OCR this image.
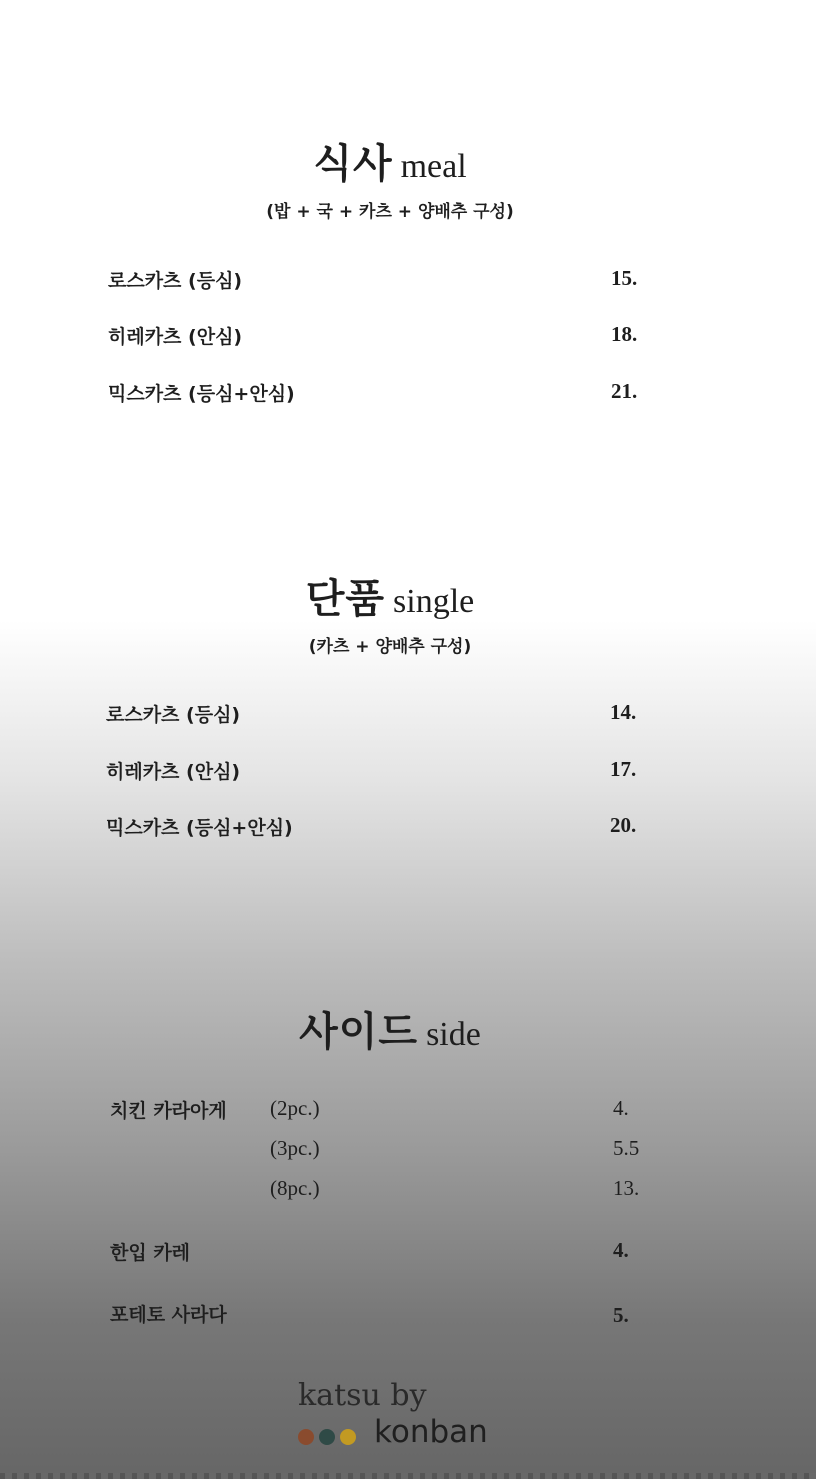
식사 meal
(밥 + 국 + 카츠 + 양배추 구성)
로스카츠 (등심)	15.
히레카츠 (안심)	18.
믹스카츠 (등심+안심)	21.
단품 single
(카츠 + 양배추 구성)
로스카츠 (등심)	14.
히레카츠 (안심)	17.
믹스카츠 (등심+안심)	20.
사이드 side
치킨 카라아게 (2pc.)	4.
(3pc.)	5.5
(8pc.)	13.
한입 카레	4.
포테토 사라다	5.
katsu by
konban
